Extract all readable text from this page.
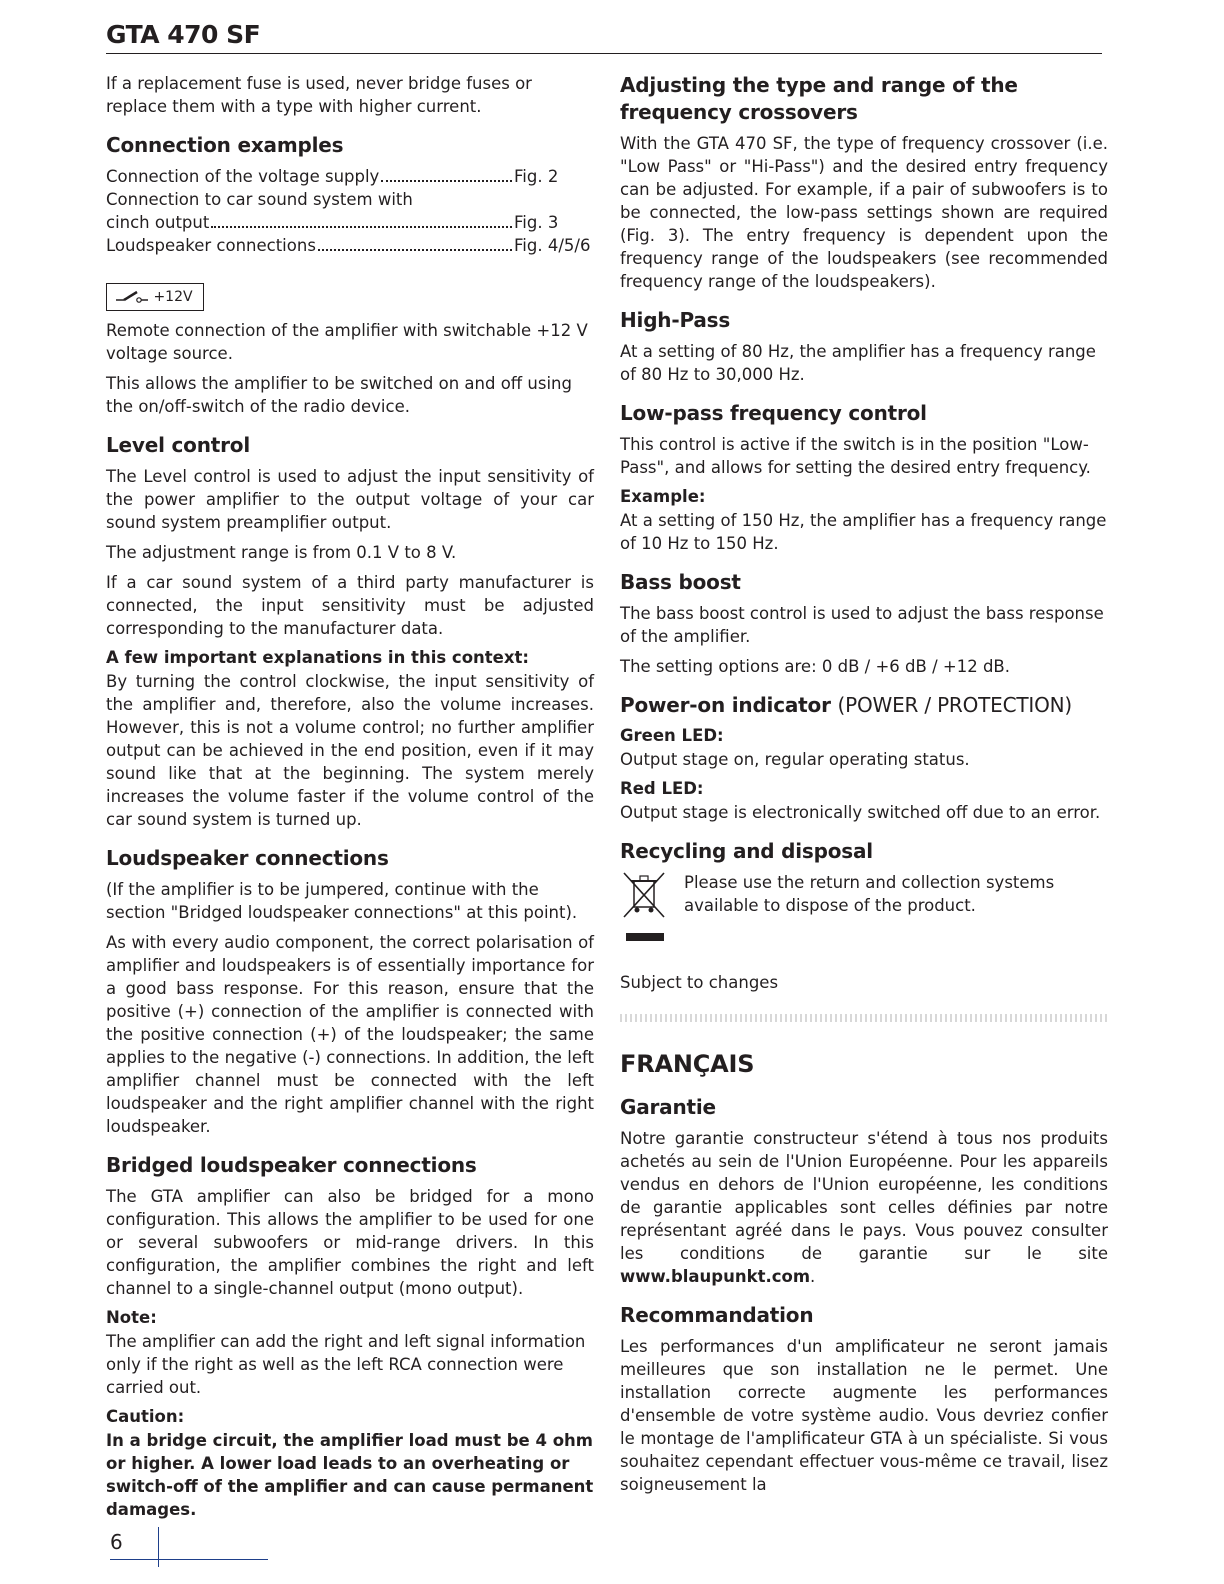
GTA 470 SF

If a replacement fuse is used, never bridge fuses or replace them with a type with higher current.

Connection examples
Connection of the voltage supply	Fig. 2
Connection to car sound system with
cinch output	Fig. 3
Loudspeaker connections	Fig. 4/5/6
+12V

Remote connection of the amplifier with switchable +12 V voltage source.

This allows the amplifier to be switched on and off using the on/off-switch of the radio device.

Level control

The Level control is used to adjust the input sensitivity of the power amplifier to the output voltage of your car sound system preamplifier output.

The adjustment range is from 0.1 V to 8 V.

If a car sound system of a third party manufacturer is connected, the input sensitivity must be adjusted corresponding to the manufacturer data.

A few important explanations in this context:

By turning the control clockwise, the input sensitivity of the amplifier and, therefore, also the volume increases. However, this is not a volume control; no further amplifier output can be achieved in the end position, even if it may sound like that at the beginning. The system merely increases the volume faster if the volume control of the car sound system is turned up.

Loudspeaker connections

(If the amplifier is to be jumpered, continue with the section "Bridged loudspeaker connections" at this point).

As with every audio component, the correct polarisation of amplifier and loudspeakers is of essentially importance for a good bass response. For this reason, ensure that the positive (+) connection of the amplifier is connected with the positive connection (+) of the loudspeaker; the same applies to the negative (-) connections. In addition, the left amplifier channel must be connected with the left loudspeaker and the right amplifier channel with the right loudspeaker.

Bridged loudspeaker connections

The GTA amplifier can also be bridged for a mono configuration. This allows the amplifier to be used for one or several subwoofers or mid-range drivers. In this configuration, the amplifier combines the right and left channel to a single-channel output (mono output).

Note:

The amplifier can add the right and left signal information only if the right as well as the left RCA connection were carried out.

Caution:

In a bridge circuit, the amplifier load must be 4 ohm or higher. A lower load leads to an overheating or switch-off of the amplifier and can cause permanent damages.

Adjusting the type and range of the frequency crossovers

With the GTA 470 SF, the type of frequency crossover (i.e. "Low Pass" or "Hi-Pass") and the desired entry frequency can be adjusted. For example, if a pair of subwoofers is to be connected, the low-pass settings shown are required (Fig. 3). The entry frequency is dependent upon the frequency range of the loudspeakers (see recommended frequency range of the loudspeakers).

High-Pass

At a setting of 80 Hz, the amplifier has a frequency range of 80 Hz to 30,000 Hz.

Low-pass frequency control

This control is active if the switch is in the position "Low-Pass", and allows for setting the desired entry frequency.

Example:

At a setting of 150 Hz, the amplifier has a frequency range of 10 Hz to 150 Hz.

Bass boost

The bass boost control is used to adjust the bass response of the amplifier.

The setting options are: 0 dB / +6 dB / +12 dB.

Power-on indicator (POWER / PROTECTION)
Green LED:

Output stage on, regular operating status.

Red LED:

Output stage is electronically switched off due to an error.

Recycling and disposal

Please use the return and collection systems available to dispose of the product.

Subject to changes

FRANÇAIS
Garantie

Notre garantie constructeur s'étend à tous nos produits achetés au sein de l'Union Européenne. Pour les appareils vendus en dehors de l'Union européenne, les conditions de garantie applicables sont celles définies par notre représentant agréé dans le pays. Vous pouvez consulter les conditions de garantie sur le site www.blaupunkt.com.

Recommandation

Les performances d'un amplificateur ne seront jamais meilleures que son installation ne le permet. Une installation correcte augmente les performances d'ensemble de votre système audio. Vous devriez confier le montage de l'amplificateur GTA à un spécialiste. Si vous souhaitez cependant effectuer vous-même ce travail, lisez soigneusement la

6
